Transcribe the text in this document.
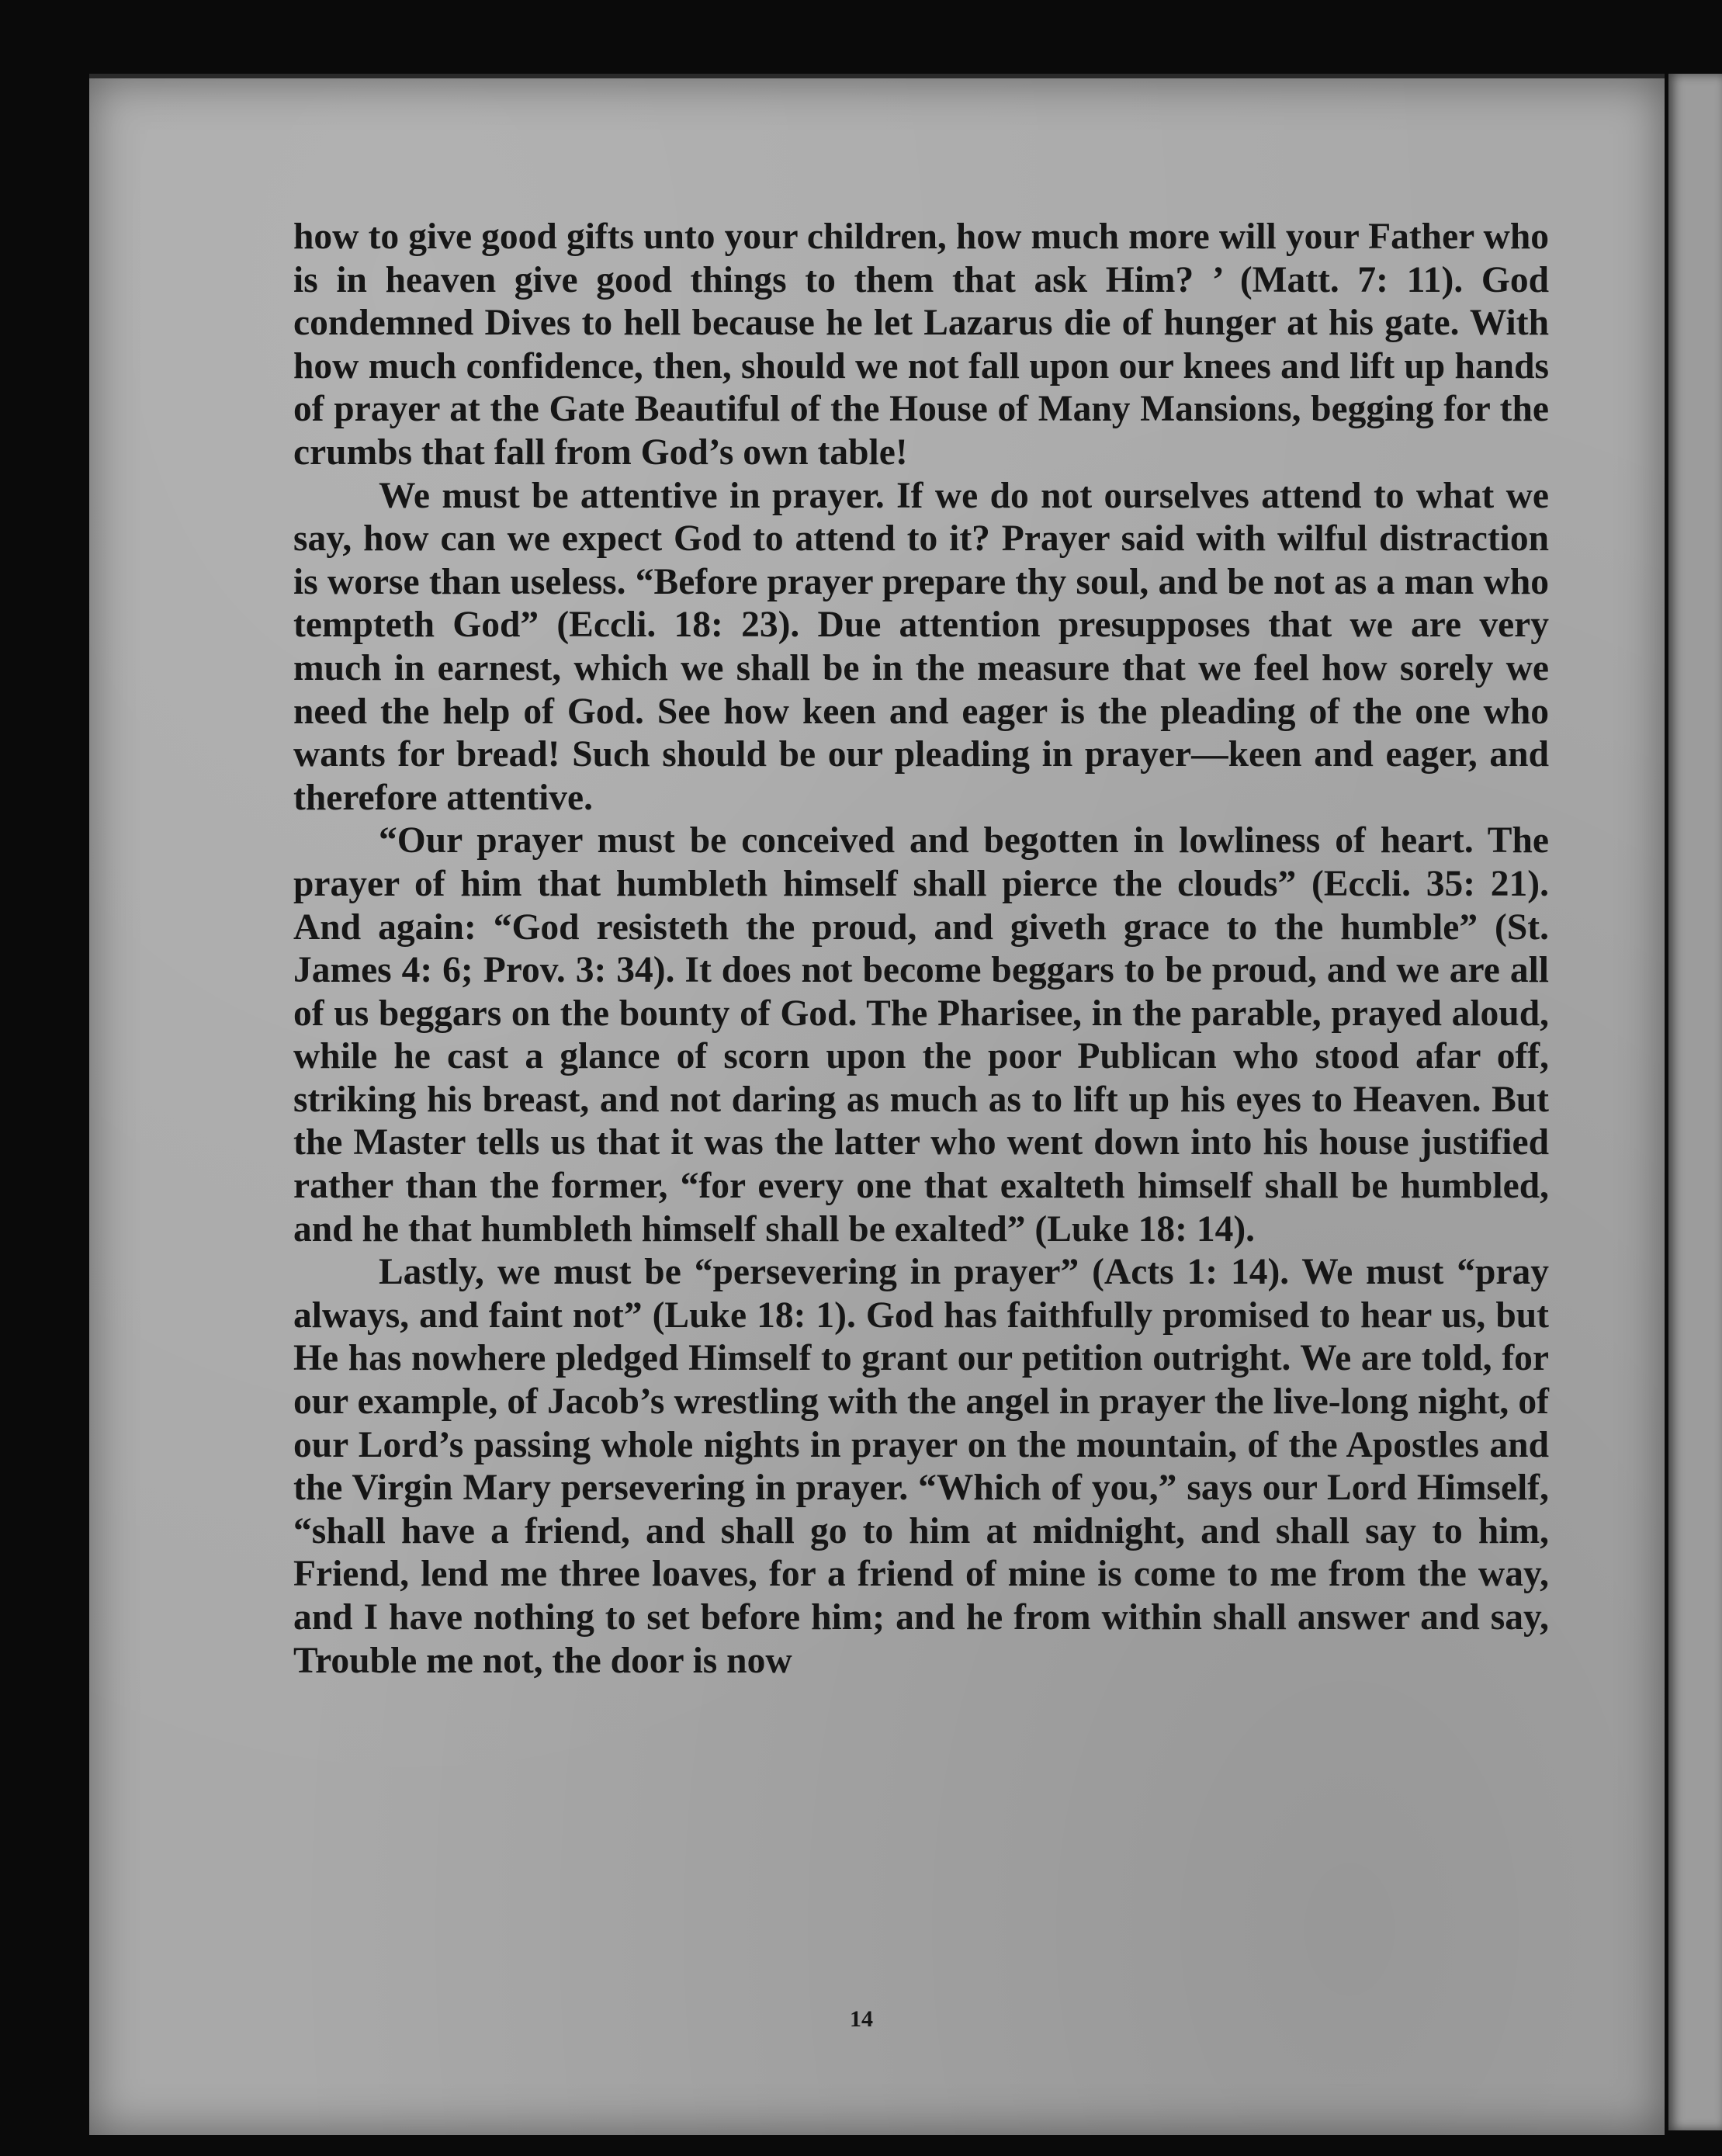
how to give good gifts unto your children, how much more will your Father who is in heaven give good things to them that ask Him? ’ (Matt. 7: 11). God condemned Dives to hell because he let Lazarus die of hunger at his gate. With how much confidence, then, should we not fall upon our knees and lift up hands of prayer at the Gate Beautiful of the House of Many Mansions, begging for the crumbs that fall from God’s own table!

We must be attentive in prayer. If we do not ourselves attend to what we say, how can we expect God to attend to it? Prayer said with wilful distraction is worse than useless. “Before prayer prepare thy soul, and be not as a man who tempteth God” (Eccli. 18: 23). Due attention presupposes that we are very much in earnest, which we shall be in the measure that we feel how sorely we need the help of God. See how keen and eager is the pleading of the one who wants for bread! Such should be our pleading in prayer—keen and eager, and therefore attentive.

“Our prayer must be conceived and begotten in lowliness of heart. The prayer of him that humbleth himself shall pierce the clouds” (Eccli. 35: 21). And again: “God resisteth the proud, and giveth grace to the humble” (St. James 4: 6; Prov. 3: 34). It does not become beggars to be proud, and we are all of us beggars on the bounty of God. The Pharisee, in the parable, prayed aloud, while he cast a glance of scorn upon the poor Publican who stood afar off, striking his breast, and not daring as much as to lift up his eyes to Heaven. But the Master tells us that it was the latter who went down into his house justified rather than the former, “for every one that exalteth himself shall be humbled, and he that humbleth himself shall be exalted” (Luke 18: 14).

Lastly, we must be “persevering in prayer” (Acts 1: 14). We must “pray always, and faint not” (Luke 18: 1). God has faithfully promised to hear us, but He has nowhere pledged Himself to grant our petition outright. We are told, for our example, of Jacob’s wrestling with the angel in prayer the live-long night, of our Lord’s passing whole nights in prayer on the mountain, of the Apostles and the Virgin Mary persevering in prayer. “Which of you,” says our Lord Himself, “shall have a friend, and shall go to him at midnight, and shall say to him, Friend, lend me three loaves, for a friend of mine is come to me from the way, and I have nothing to set before him; and he from within shall answer and say, Trouble me not, the door is now

14
